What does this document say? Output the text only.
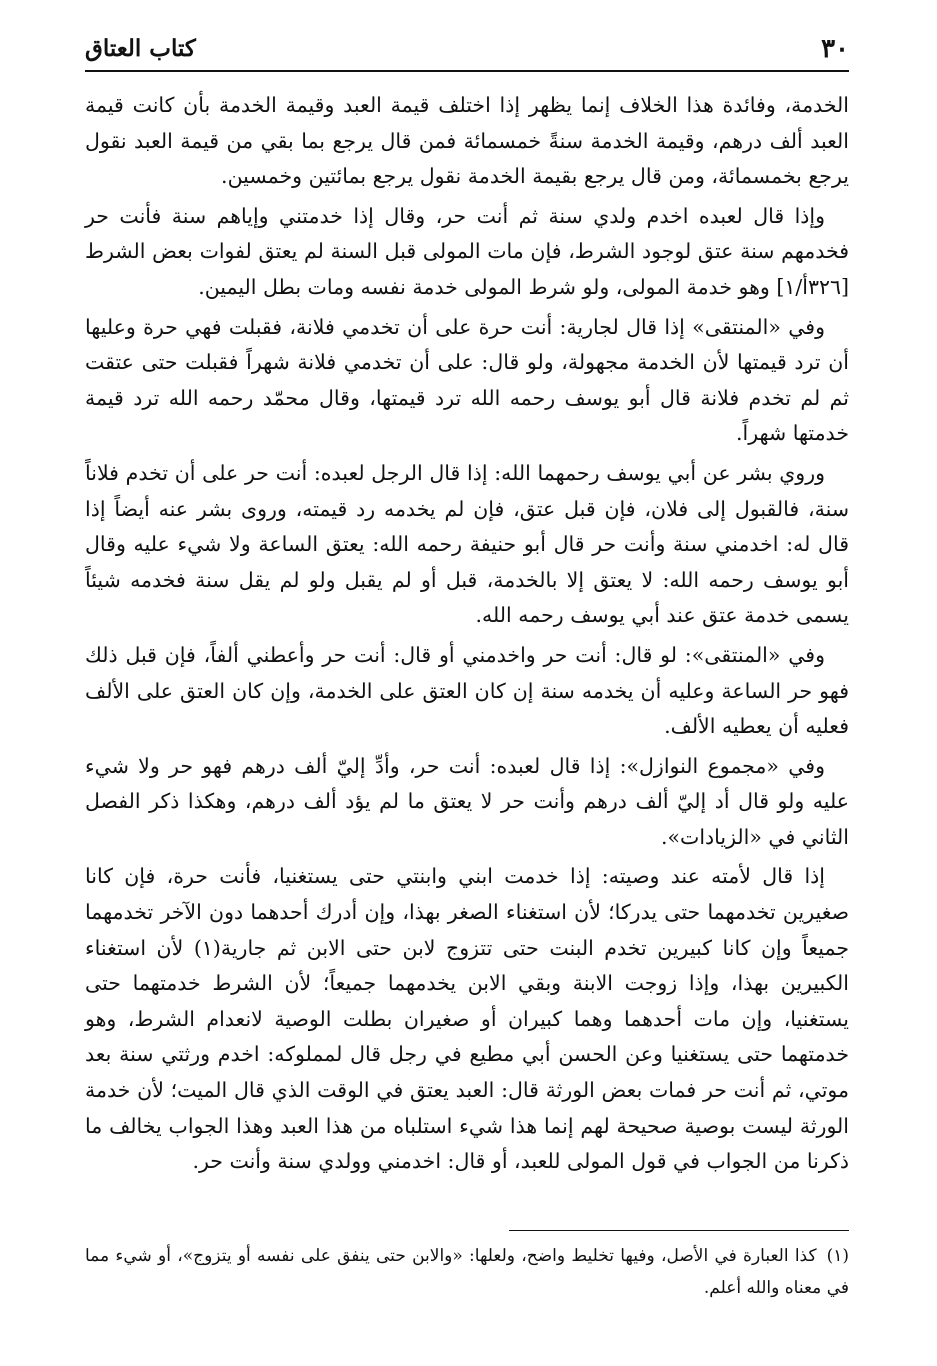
٣٠
كتاب العتاق

الخدمة، وفائدة هذا الخلاف إنما يظهر إذا اختلف قيمة العبد وقيمة الخدمة بأن كانت قيمة العبد ألف درهم، وقيمة الخدمة سنةً خمسمائة فمن قال يرجع بما بقي من قيمة العبد نقول يرجع بخمسمائة، ومن قال يرجع بقيمة الخدمة نقول يرجع بمائتين وخمسين.

وإذا قال لعبده اخدم ولدي سنة ثم أنت حر، وقال إذا خدمتني وإياهم سنة فأنت حر فخدمهم سنة عتق لوجود الشرط، فإن مات المولى قبل السنة لم يعتق لفوات بعض الشرط [٣٢٦أ/١] وهو خدمة المولى، ولو شرط المولى خدمة نفسه ومات بطل اليمين.

وفي «المنتقى» إذا قال لجارية: أنت حرة على أن تخدمي فلانة، فقبلت فهي حرة وعليها أن ترد قيمتها لأن الخدمة مجهولة، ولو قال: على أن تخدمي فلانة شهراً فقبلت حتى عتقت ثم لم تخدم فلانة قال أبو يوسف رحمه الله ترد قيمتها، وقال محمّد رحمه الله ترد قيمة خدمتها شهراً.

وروي بشر عن أبي يوسف رحمهما الله: إذا قال الرجل لعبده: أنت حر على أن تخدم فلاناً سنة، فالقبول إلى فلان، فإن قبل عتق، فإن لم يخدمه رد قيمته، وروى بشر عنه أيضاً إذا قال له: اخدمني سنة وأنت حر قال أبو حنيفة رحمه الله: يعتق الساعة ولا شيء عليه وقال أبو يوسف رحمه الله: لا يعتق إلا بالخدمة، قبل أو لم يقبل ولو لم يقل سنة فخدمه شيئاً يسمى خدمة عتق عند أبي يوسف رحمه الله.

وفي «المنتقى»: لو قال: أنت حر واخدمني أو قال: أنت حر وأعطني ألفاً، فإن قبل ذلك فهو حر الساعة وعليه أن يخدمه سنة إن كان العتق على الخدمة، وإن كان العتق على الألف فعليه أن يعطيه الألف.

وفي «مجموع النوازل»: إذا قال لعبده: أنت حر، وأدِّ إليّ ألف درهم فهو حر ولا شيء عليه ولو قال أد إليّ ألف درهم وأنت حر لا يعتق ما لم يؤد ألف درهم، وهكذا ذكر الفصل الثاني في «الزيادات».

إذا قال لأمته عند وصيته: إذا خدمت ابني وابنتي حتى يستغنيا، فأنت حرة، فإن كانا صغيرين تخدمهما حتى يدركا؛ لأن استغناء الصغر بهذا، وإن أدرك أحدهما دون الآخر تخدمهما جميعاً وإن كانا كبيرين تخدم البنت حتى تتزوج لابن حتى الابن ثم جارية(١) لأن استغناء الكبيرين بهذا، وإذا زوجت الابنة وبقي الابن يخدمهما جميعاً؛ لأن الشرط خدمتهما حتى يستغنيا، وإن مات أحدهما وهما كبيران أو صغيران بطلت الوصية لانعدام الشرط، وهو خدمتهما حتى يستغنيا وعن الحسن أبي مطيع في رجل قال لمملوكه: اخدم ورثتي سنة بعد موتي، ثم أنت حر فمات بعض الورثة قال: العبد يعتق في الوقت الذي قال الميت؛ لأن خدمة الورثة ليست بوصية صحيحة لهم إنما هذا شيء استلباه من هذا العبد وهذا الجواب يخالف ما ذكرنا من الجواب في قول المولى للعبد، أو قال: اخدمني وولدي سنة وأنت حر.

(١)كذا العبارة في الأصل، وفيها تخليط واضح، ولعلها: «والابن حتى ينفق على نفسه أو يتزوج»، أو شيء مما في معناه والله أعلم.
